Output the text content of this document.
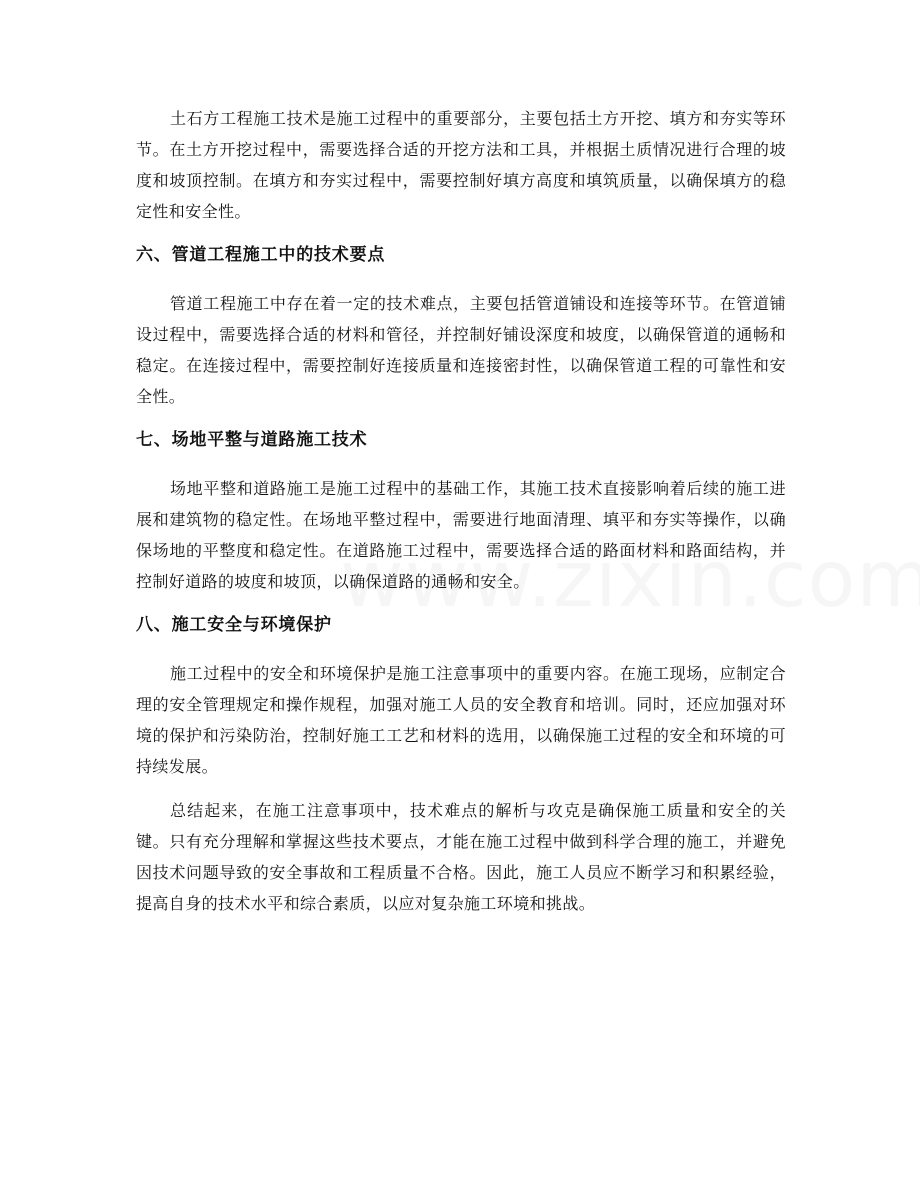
土石方工程施工技术是施工过程中的重要部分，主要包括土方开挖、填方和夯实等环节。在土方开挖过程中，需要选择合适的开挖方法和工具，并根据土质情况进行合理的坡度和坡顶控制。在填方和夯实过程中，需要控制好填方高度和填筑质量，以确保填方的稳定性和安全性。

六、管道工程施工中的技术要点

管道工程施工中存在着一定的技术难点，主要包括管道铺设和连接等环节。在管道铺设过程中，需要选择合适的材料和管径，并控制好铺设深度和坡度，以确保管道的通畅和稳定。在连接过程中，需要控制好连接质量和连接密封性，以确保管道工程的可靠性和安全性。

七、场地平整与道路施工技术

场地平整和道路施工是施工过程中的基础工作，其施工技术直接影响着后续的施工进展和建筑物的稳定性。在场地平整过程中，需要进行地面清理、填平和夯实等操作，以确保场地的平整度和稳定性。在道路施工过程中，需要选择合适的路面材料和路面结构，并控制好道路的坡度和坡顶，以确保道路的通畅和安全。

八、施工安全与环境保护

施工过程中的安全和环境保护是施工注意事项中的重要内容。在施工现场，应制定合理的安全管理规定和操作规程，加强对施工人员的安全教育和培训。同时，还应加强对环境的保护和污染防治，控制好施工工艺和材料的选用，以确保施工过程的安全和环境的可持续发展。

总结起来，在施工注意事项中，技术难点的解析与攻克是确保施工质量和安全的关键。只有充分理解和掌握这些技术要点，才能在施工过程中做到科学合理的施工，并避免因技术问题导致的安全事故和工程质量不合格。因此，施工人员应不断学习和积累经验，提高自身的技术水平和综合素质，以应对复杂施工环境和挑战。
